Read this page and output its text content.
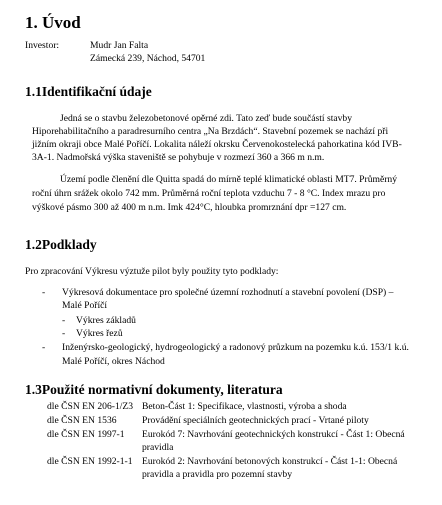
1. Úvod
Investor:	Mudr Jan Falta
Zámecká 239, Náchod, 54701
1.1Identifikační údaje
Jedná se o stavbu železobetonové opěrné zdi. Tato zeď bude součástí stavby
Hiporehabilitačního a paradresurního centra „Na Brzdách“. Stavební pozemek se nachází při
jižním okraji obce Malé Poříčí. Lokalita náleží okrsku Červenokostelecká pahorkatina kód IVB-
3A-1. Nadmořská výška staveniště se pohybuje v rozmezí 360 a 366 m n.m.
Území podle členění dle Quitta spadá do mírně teplé klimatické oblasti MT7. Průměrný
roční úhrn srážek okolo 742 mm. Průměrná roční teplota vzduchu 7 - 8 °C. Index mrazu pro
výškové pásmo 300 až 400 m n.m. Imk 424°C, hloubka promrznání dpr =127 cm.
1.2Podklady
Pro zpracování Výkresu výztuže pilot byly použity tyto podklady:
- Výkresová dokumentace pro společné územní rozhodnutí a stavební povolení (DSP) –
Malé Poříčí
- Výkres základů
- Výkres řezů
- Inženýrsko-geologický, hydrogeologický a radonový průzkum na pozemku k.ú. 153/1 k.ú.
Malé Poříčí, okres Náchod
1.3Použité normativní dokumenty, literatura
dle ČSN EN 206-1/Z3 Beton-Část 1: Specifikace, vlastnosti, výroba a shoda
dle ČSN EN 1536	Provádění speciálních geotechnických prací - Vrtané piloty
dle ČSN EN 1997-1 Eurokód 7: Navrhování geotechnických konstrukcí - Část 1: Obecná
pravidla
dle ČSN EN 1992-1-1 Eurokód 2: Navrhování betonových konstrukcí - Část 1-1: Obecná
pravidla a pravidla pro pozemní stavby
